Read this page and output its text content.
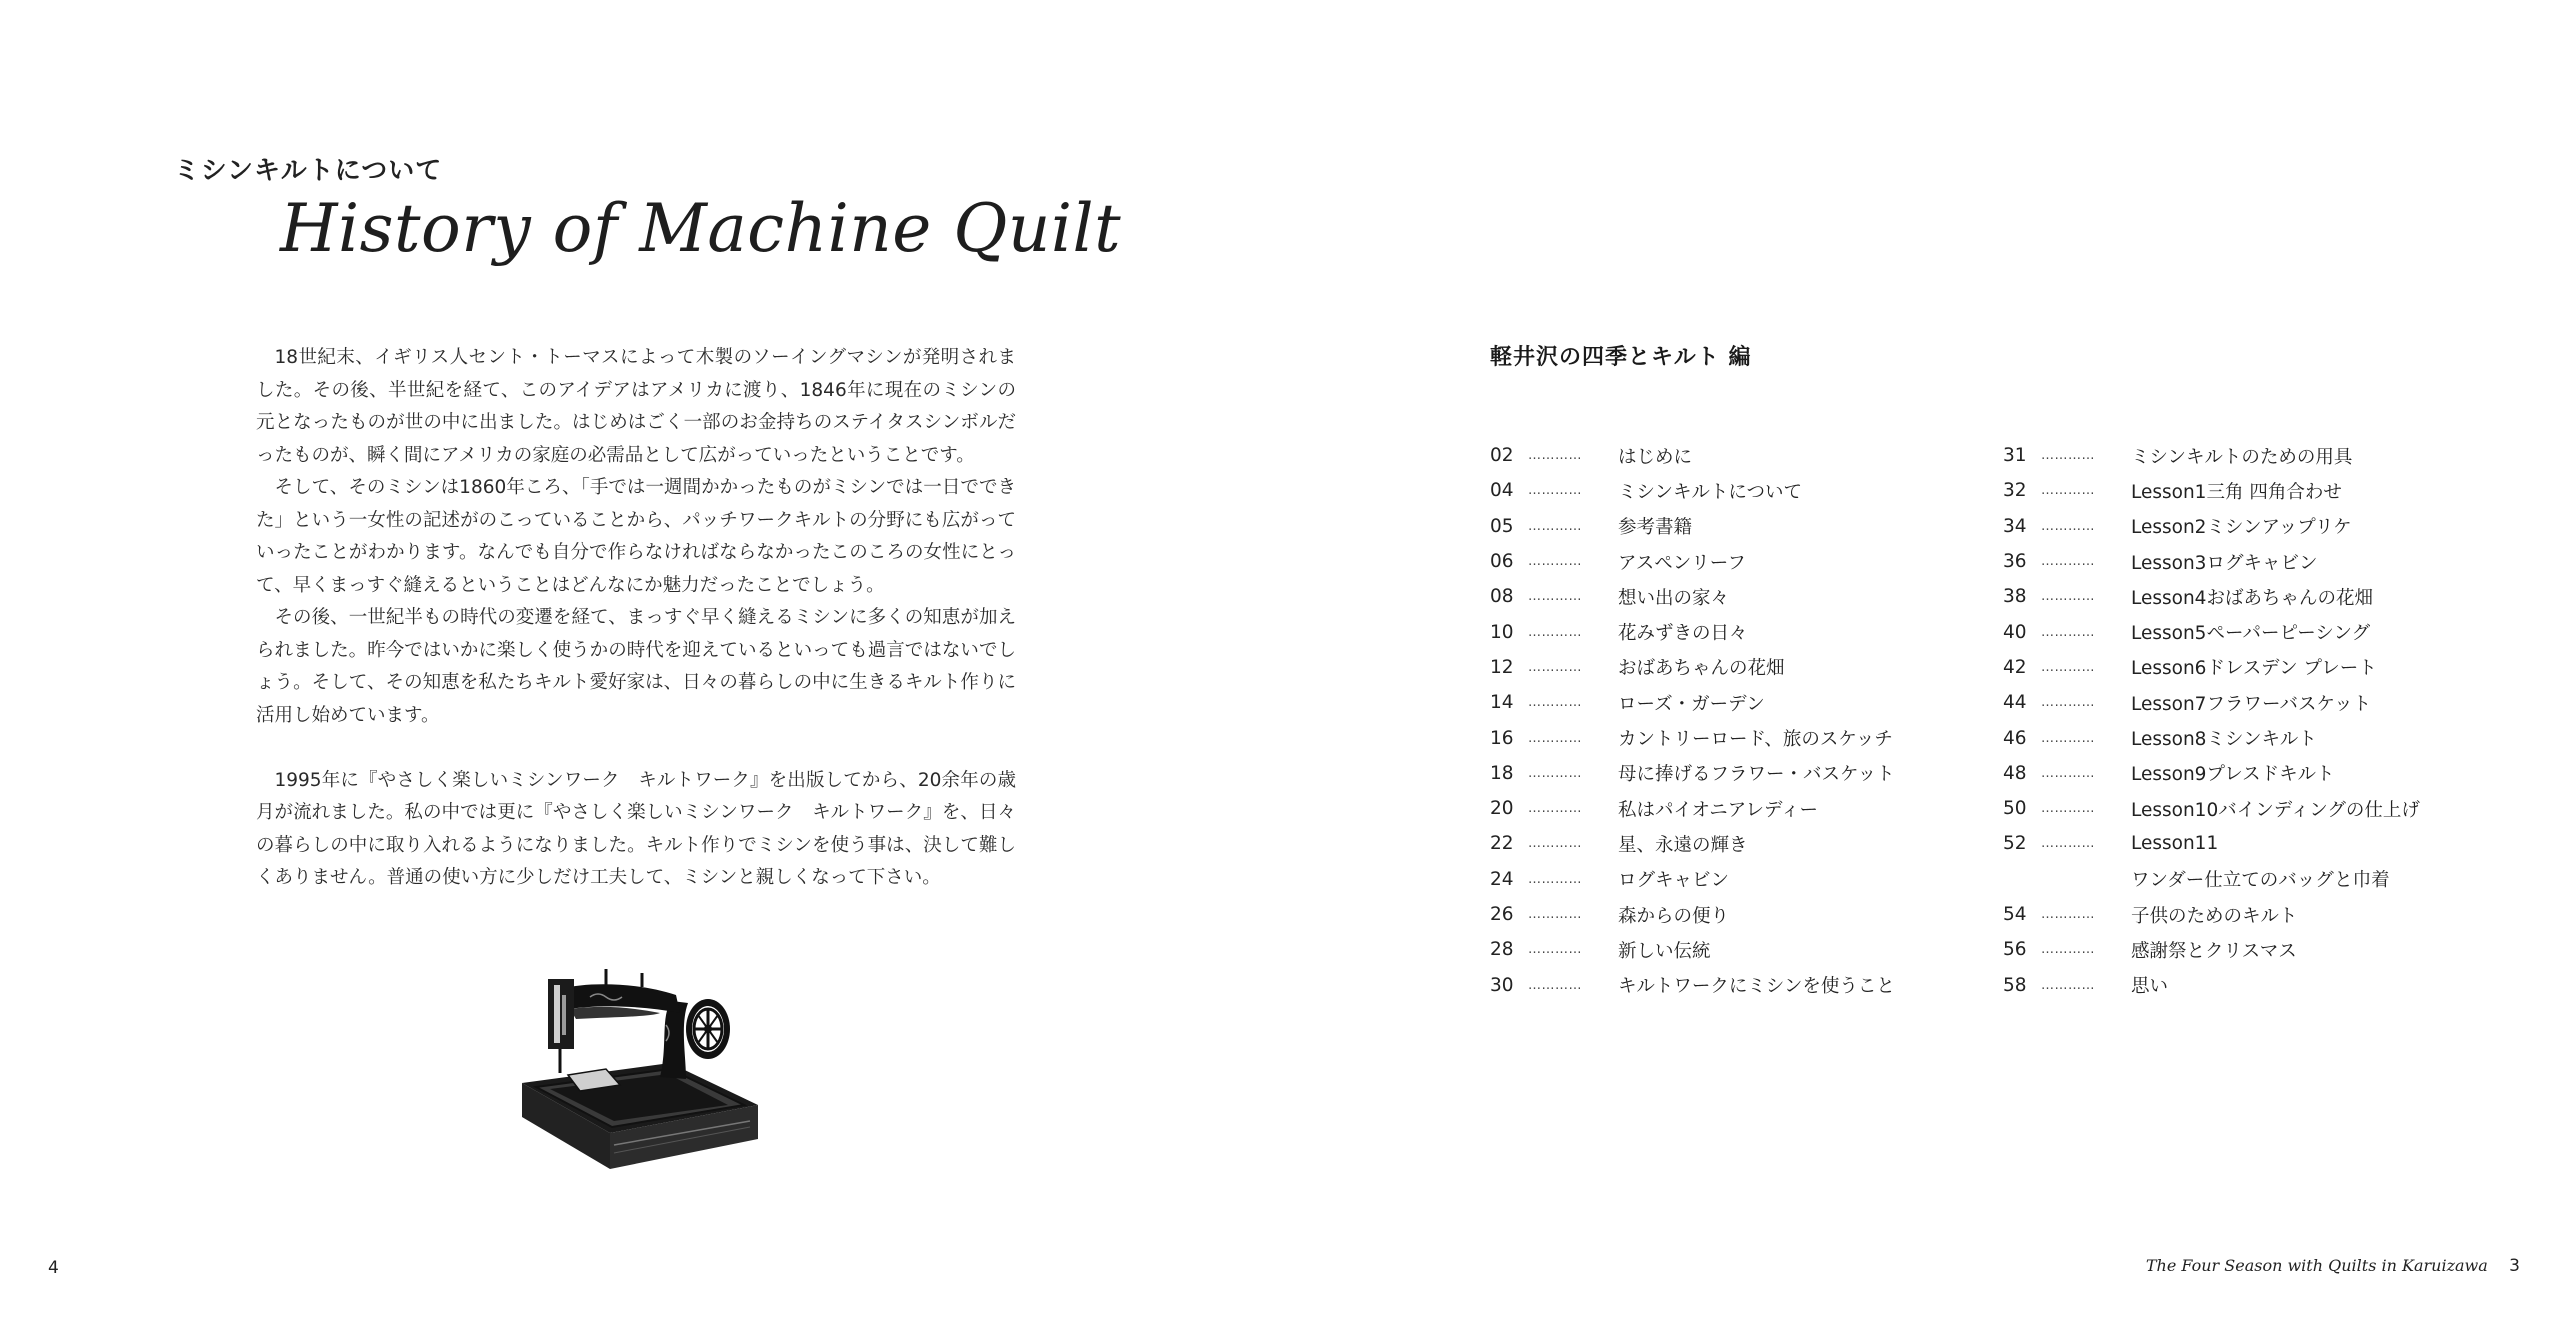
ミシンキルトについて
History of Machine Quilt

18世紀末、イギリス人セント・トーマスによって木製のソーイングマシンが発明されました。その後、半世紀を経て、このアイデアはアメリカに渡り、1846年に現在のミシンの元となったものが世の中に出ました。はじめはごく一部のお金持ちのステイタスシンボルだったものが、瞬く間にアメリカの家庭の必需品として広がっていったということです。

そして、そのミシンは1860年ころ、「手では一週間かかったものがミシンでは一日でできた」という一女性の記述がのこっていることから、パッチワークキルトの分野にも広がっていったことがわかります。なんでも自分で作らなければならなかったこのころの女性にとって、早くまっすぐ縫えるということはどんなにか魅力だったことでしょう。

その後、一世紀半もの時代の変遷を経て、まっすぐ早く縫えるミシンに多くの知恵が加えられました。昨今ではいかに楽しく使うかの時代を迎えているといっても過言ではないでしょう。そして、その知恵を私たちキルト愛好家は、日々の暮らしの中に生きるキルト作りに活用し始めています。

1995年に『やさしく楽しいミシンワーク　キルトワーク』を出版してから、20余年の歳月が流れました。私の中では更に『やさしく楽しいミシンワーク　キルトワーク』を、日々の暮らしの中に取り入れるようになりました。キルト作りでミシンを使う事は、決して難しくありません。普通の使い方に少しだけ工夫して、ミシンと親しくなって下さい。

4
軽井沢の四季とキルト 編
02	…………	はじめに
04	…………	ミシンキルトについて
05	…………	参考書籍
06	…………	アスペンリーフ
08	…………	想い出の家々
10	…………	花みずきの日々
12	…………	おばあちゃんの花畑
14	…………	ローズ・ガーデン
16	…………	カントリーロード、旅のスケッチ
18	…………	母に捧げるフラワー・バスケット
20	…………	私はパイオニアレディー
22	…………	星、永遠の輝き
24	…………	ログキャビン
26	…………	森からの便り
28	…………	新しい伝統
30	…………	キルトワークにミシンを使うこと
31	…………	ミシンキルトのための用具
32	…………	Lesson1三角 四角合わせ
34	…………	Lesson2ミシンアップリケ
36	…………	Lesson3ログキャビン
38	…………	Lesson4おばあちゃんの花畑
40	…………	Lesson5ペーパーピーシング
42	…………	Lesson6ドレスデン プレート
44	…………	Lesson7フラワーバスケット
46	…………	Lesson8ミシンキルト
48	…………	Lesson9プレスドキルト
50	…………	Lesson10バインディングの仕上げ
52	…………	Lesson11
ワンダー仕立てのバッグと巾着
54	…………	子供のためのキルト
56	…………	感謝祭とクリスマス
58	…………	思い
The Four Season with Quilts in Karuizawa 3
